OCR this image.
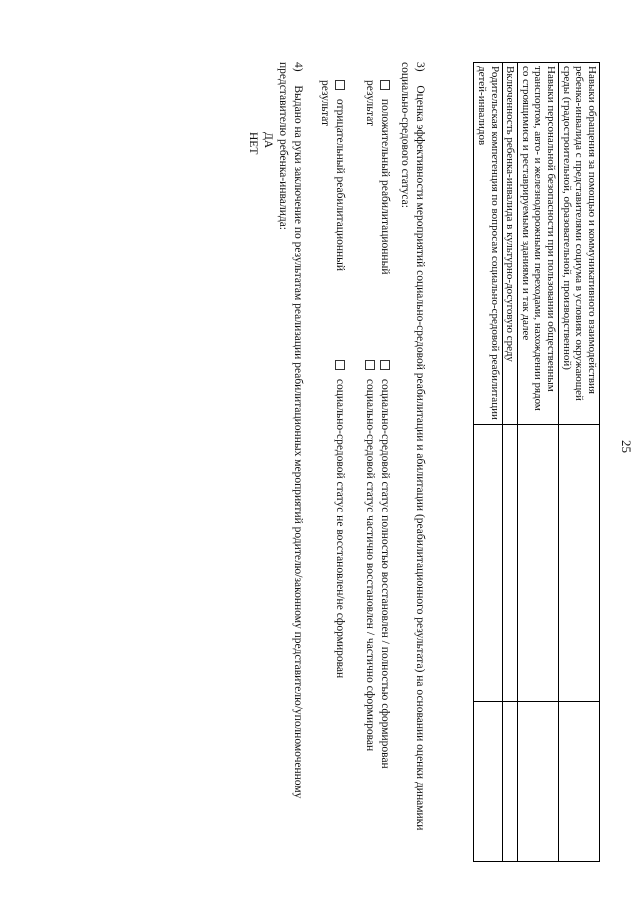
25
Навыки обращения за помощью и коммуникативного взаимодействия ребенка-инвалида с представителями социума в условиях окружающей среды (градостроительной, образовательной, производственной)		
Навыки персональной безопасности при пользовании общественным транспортом, авто- и железнодорожными переходами, нахождении рядом со строящимися и реставрируемыми зданиями и так далее		
Включенность ребенка-инвалида в культурно-досуговую среду		
Родительская компетенция по вопросам социально-средовой реабилитации детей-инвалидов		
3)  Оценка эффективности мероприятий социально-средовой реабилитации и абилитации (реабилитационного результата) на основании оценки динамики социально-средового статуса:
положительный реабилитационный результат
социально-средовой статус полностью восстановлен / полностью сформирован
социально-средовой статус частично восстановлен / частично сформирован
отрицательный реабилитационный результат
социально-средовой статус не восстановлен/не сформирован
4)  Выдано на руки заключение по результатам реализации реабилитационных мероприятий родителю/законному представителю/уполномоченному представителю ребенка-инвалида:
ДА
НЕТ
